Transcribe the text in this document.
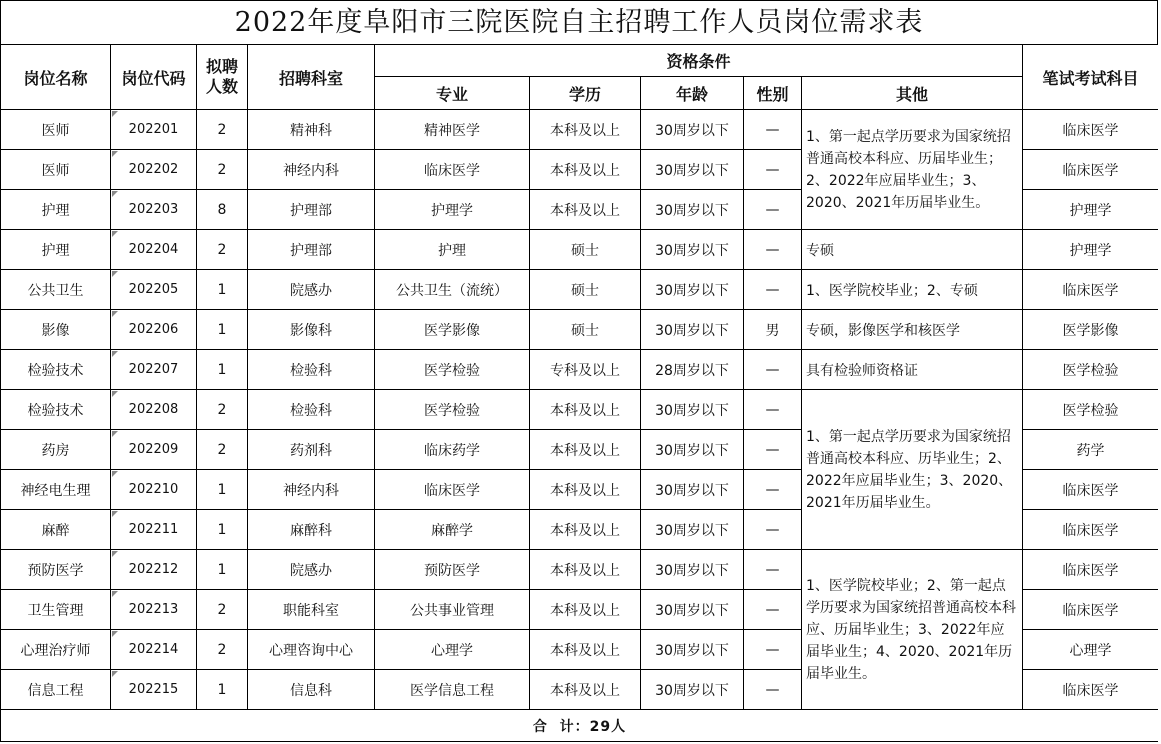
2022年度阜阳市三院医院自主招聘工作人员岗位需求表
岗位名称	岗位代码	拟聘人数	招聘科室	资格条件					笔试考试科目
				专业	学历	年龄	性别	其他	
医师	202201	2	精神科	精神医学	本科及以上	30周岁以下	—	1、第一起点学历要求为国家统招普通高校本科应、历届毕业生；2、2022年应届毕业生；3、2020、2021年历届毕业生。	临床医学
医师	202202	2	神经内科	临床医学	本科及以上	30周岁以下	—		临床医学
护理	202203	8	护理部	护理学	本科及以上	30周岁以下	—		护理学
护理	202204	2	护理部	护理	硕士	30周岁以下	—	专硕	护理学
公共卫生	202205	1	院感办	公共卫生（流统）	硕士	30周岁以下	—	1、医学院校毕业；2、专硕	临床医学
影像	202206	1	影像科	医学影像	硕士	30周岁以下	男	专硕，影像医学和核医学	医学影像
检验技术	202207	1	检验科	医学检验	专科及以上	28周岁以下	—	具有检验师资格证	医学检验
检验技术	202208	2	检验科	医学检验	本科及以上	30周岁以下	—	1、第一起点学历要求为国家统招普通高校本科应、历毕业生；2、2022年应届毕业生；3、2020、2021年历届毕业生。	医学检验
药房	202209	2	药剂科	临床药学	本科及以上	30周岁以下	—		药学
神经电生理	202210	1	神经内科	临床医学	本科及以上	30周岁以下	—		临床医学
麻醉	202211	1	麻醉科	麻醉学	本科及以上	30周岁以下	—		临床医学
预防医学	202212	1	院感办	预防医学	本科及以上	30周岁以下	—	1、医学院校毕业；2、第一起点学历要求为国家统招普通高校本科应、历届毕业生；3、2022年应届毕业生；4、2020、2021年历届毕业生。	临床医学
卫生管理	202213	2	职能科室	公共事业管理	本科及以上	30周岁以下	—		临床医学
心理治疗师	202214	2	心理咨询中心	心理学	本科及以上	30周岁以下	—		心理学
信息工程	202215	1	信息科	医学信息工程	本科及以上	30周岁以下	—		临床医学
合  计：29人									
